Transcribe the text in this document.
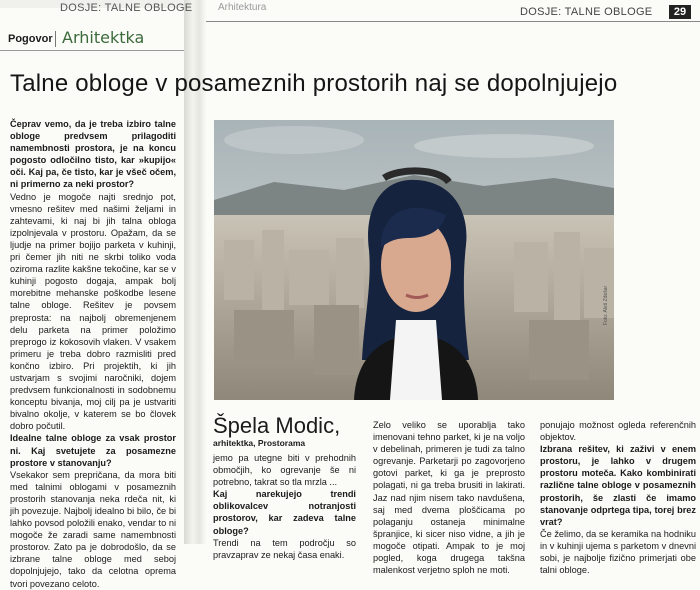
DOSJE: TALNE OBLOGE	Arhitektura	DOSJE: TALNE OBLOGE	29
Pogovor Arhitektka
Talne obloge v posameznih prostorih naj se dopolnjujejo

Čeprav vemo, da je treba izbiro talne obloge predvsem prilagoditi namembnosti prostora, je na koncu pogosto odločilno tisto, kar »kupijo« oči. Kaj pa, če tisto, kar je všeč očem, ni primerno za neki prostor?

Vedno je mogoče najti srednjo pot, vmesno rešitev med našimi željami in zahtevami, ki naj bi jih talna obloga izpolnjevala v prostoru. Opažam, da se ljudje na primer bojijo parketa v kuhinji, pri čemer jih niti ne skrbi toliko voda oziroma razlite kakšne tekočine, kar se v kuhinji pogosto dogaja, ampak bolj morebitne mehanske poškodbe lesene talne obloge. Rešitev je povsem preprosta: na najbolj obremenjenem delu parketa na primer položimo preprogo iz kokosovih vlaken. V vsakem primeru je treba dobro razmisliti pred končno izbiro. Pri projektih, ki jih ustvarjam s svojimi naročniki, dojem predvsem funkcionalnosti in sodobnemu konceptu bivanja, moj cilj pa je ustvariti bivalno okolje, v katerem se bo človek dobro počutil.

Idealne talne obloge za vsak prostor ni. Kaj svetujete za posamezne prostore v stanovanju?

Vsekakor sem prepričana, da mora biti med talnimi oblogami v posameznih prostorih stanovanja neka rdeča nit, ki jih povezuje. Najbolj idealno bi bilo, če bi lahko povsod položili enako, vendar to ni mogoče že zaradi same namembnosti prostorov. Zato pa je dobrodošlo, da se izbrane talne obloge med seboj dopolnjujejo, tako da celotna oprema tvori povezano celoto.

Foto: Aleš Zdešar
Špela Modic,
arhitektka, Prostorama

jemo pa utegne biti v prehodnih območjih, ko ogrevanje še ni potrebno, takrat so tla mrzla ...

Kaj narekujejo trendi oblikovalcev notranjosti prostorov, kar zadeva talne obloge?

Trendi na tem področju so pravzaprav ze nekaj časa enaki.

Zelo veliko se uporablja tako imenovani tehno parket, ki je na voljo v debelinah, primeren je tudi za talno ogrevanje. Parketarji po zagovorjeno gotovi parket, ki ga je preprosto polagati, ni ga treba brusiti in lakirati. Jaz nad njim nisem tako navdušena, saj med dvema ploščicama po polaganju ostaneja minimalne špranjice, ki sicer niso vidne, a jih je mogoče otipati. Ampak to je moj pogled, koga drugega takšna malenkost verjetno sploh ne moti.

ponujajo možnost ogleda referenčnih objektov.

Izbrana rešitev, ki zaživi v enem prostoru, je lahko v drugem prostoru moteča. Kako kombinirati različne talne obloge v posameznih prostorih, še zlasti če imamo stanovanje odprtega tipa, torej brez vrat?

Če želimo, da se keramika na hodniku in v kuhinji ujema s parketom v dnevni sobi, je najbolje fizično primerjati obe talni obloge.
